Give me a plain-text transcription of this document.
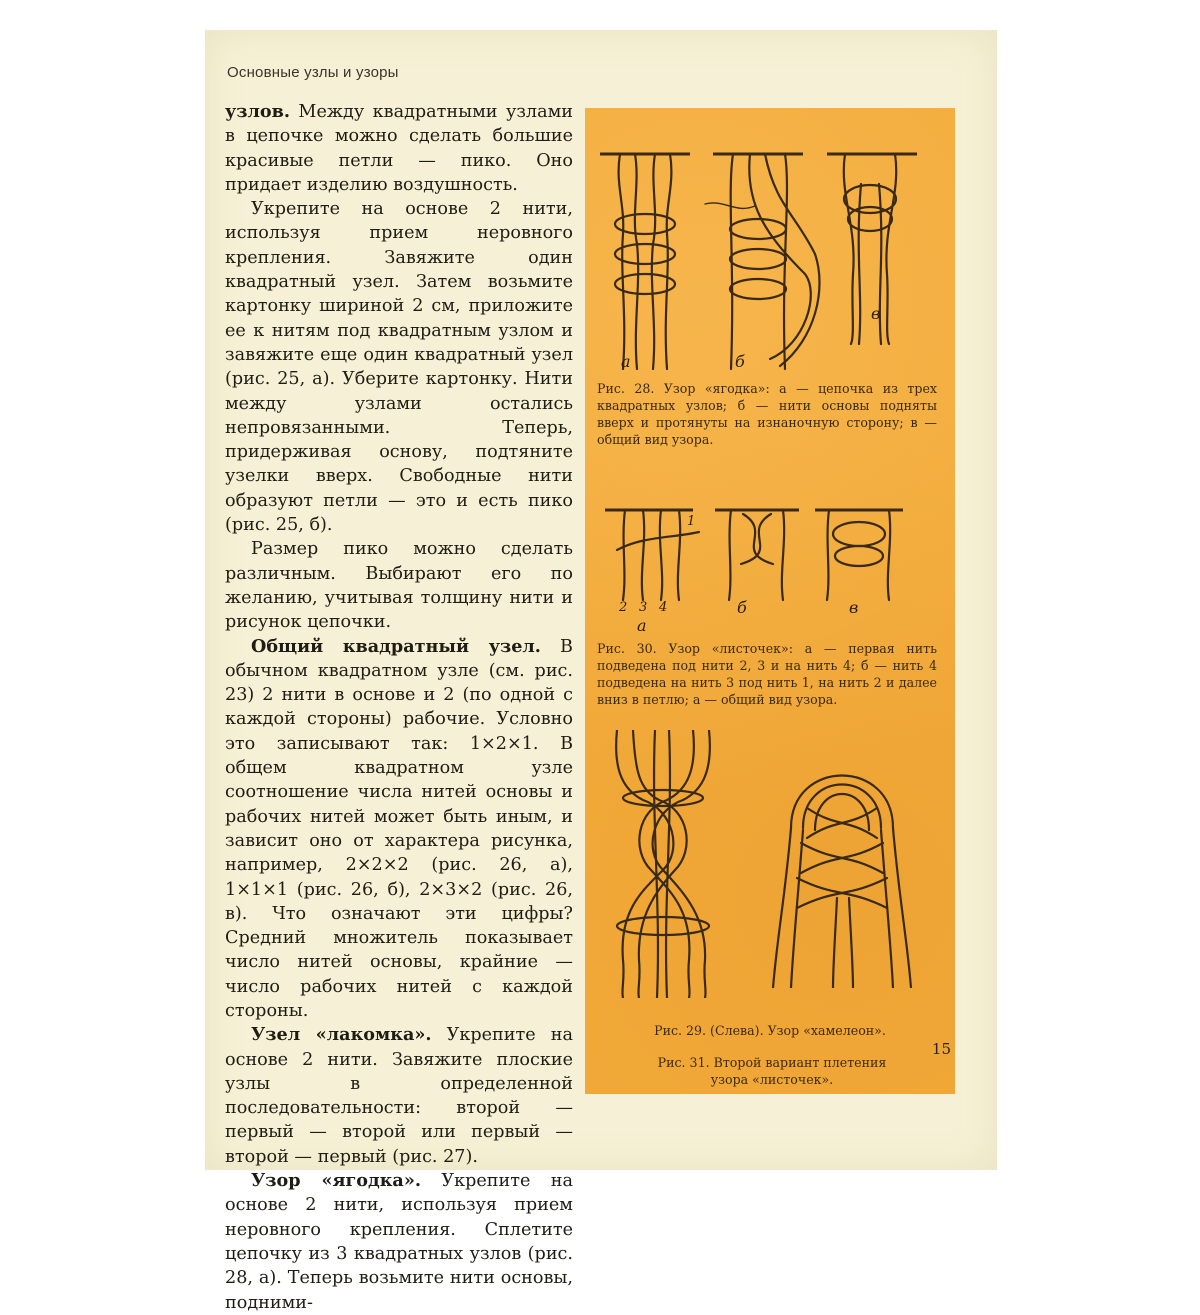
Основные узлы и узоры

узлов. Между квадратными узлами в цепочке можно сделать большие красивые петли — пико. Оно придает изделию воздушность.

Укрепите на основе 2 нити, используя прием неровного крепления. Завяжите один квадратный узел. Затем возьмите картонку шириной 2 см, приложите ее к нитям под квадратным узлом и завяжите еще один квадратный узел (рис. 25, а). Уберите картонку. Нити между узлами остались непровязанными. Теперь, придерживая основу, подтяните узелки вверх. Свободные нити образуют петли — это и есть пико (рис. 25, б).

Размер пико можно сделать различным. Выбирают его по желанию, учитывая толщину нити и рисунок цепочки.

Общий квадратный узел. В обычном квадратном узле (см. рис. 23) 2 нити в основе и 2 (по одной с каждой стороны) рабочие. Условно это записывают так: 1×2×1. В общем квадратном узле соотношение числа нитей основы и рабочих нитей может быть иным, и зависит оно от характера рисунка, например, 2×2×2 (рис. 26, а), 1×1×1 (рис. 26, б), 2×3×2 (рис. 26, в). Что означают эти цифры? Средний множитель показывает число нитей основы, крайние — число рабочих нитей с каждой стороны.

Узел «лакомка». Укрепите на основе 2 нити. Завяжите плоские узлы в определенной последовательности: второй — первый — второй или первый — второй — первый (рис. 27).

Узор «ягодка». Укрепите на основе 2 нити, используя прием неровного крепления. Сплетите цепочку из 3 квадратных узлов (рис. 28, а). Теперь возьмите нити основы, подними-

а	б
в
Рис. 28. Узор «ягодка»: а — цепочка из трех квадратных узлов; б — нити основы подняты вверх и протянуты на изнаночную сторону; в — общий вид узора.
1
2 3 4
а
б	в
Рис. 30. Узор «листочек»: а — первая нить подведена под нити 2, 3 и на нить 4; б — нить 4 подведена на нить 3 под нить 1, на нить 2 и далее вниз в петлю; а — общий вид узора.
Рис. 29. (Слева). Узор «хамелеон».
Рис. 31. Второй вариант плетения узора «листочек».
15
